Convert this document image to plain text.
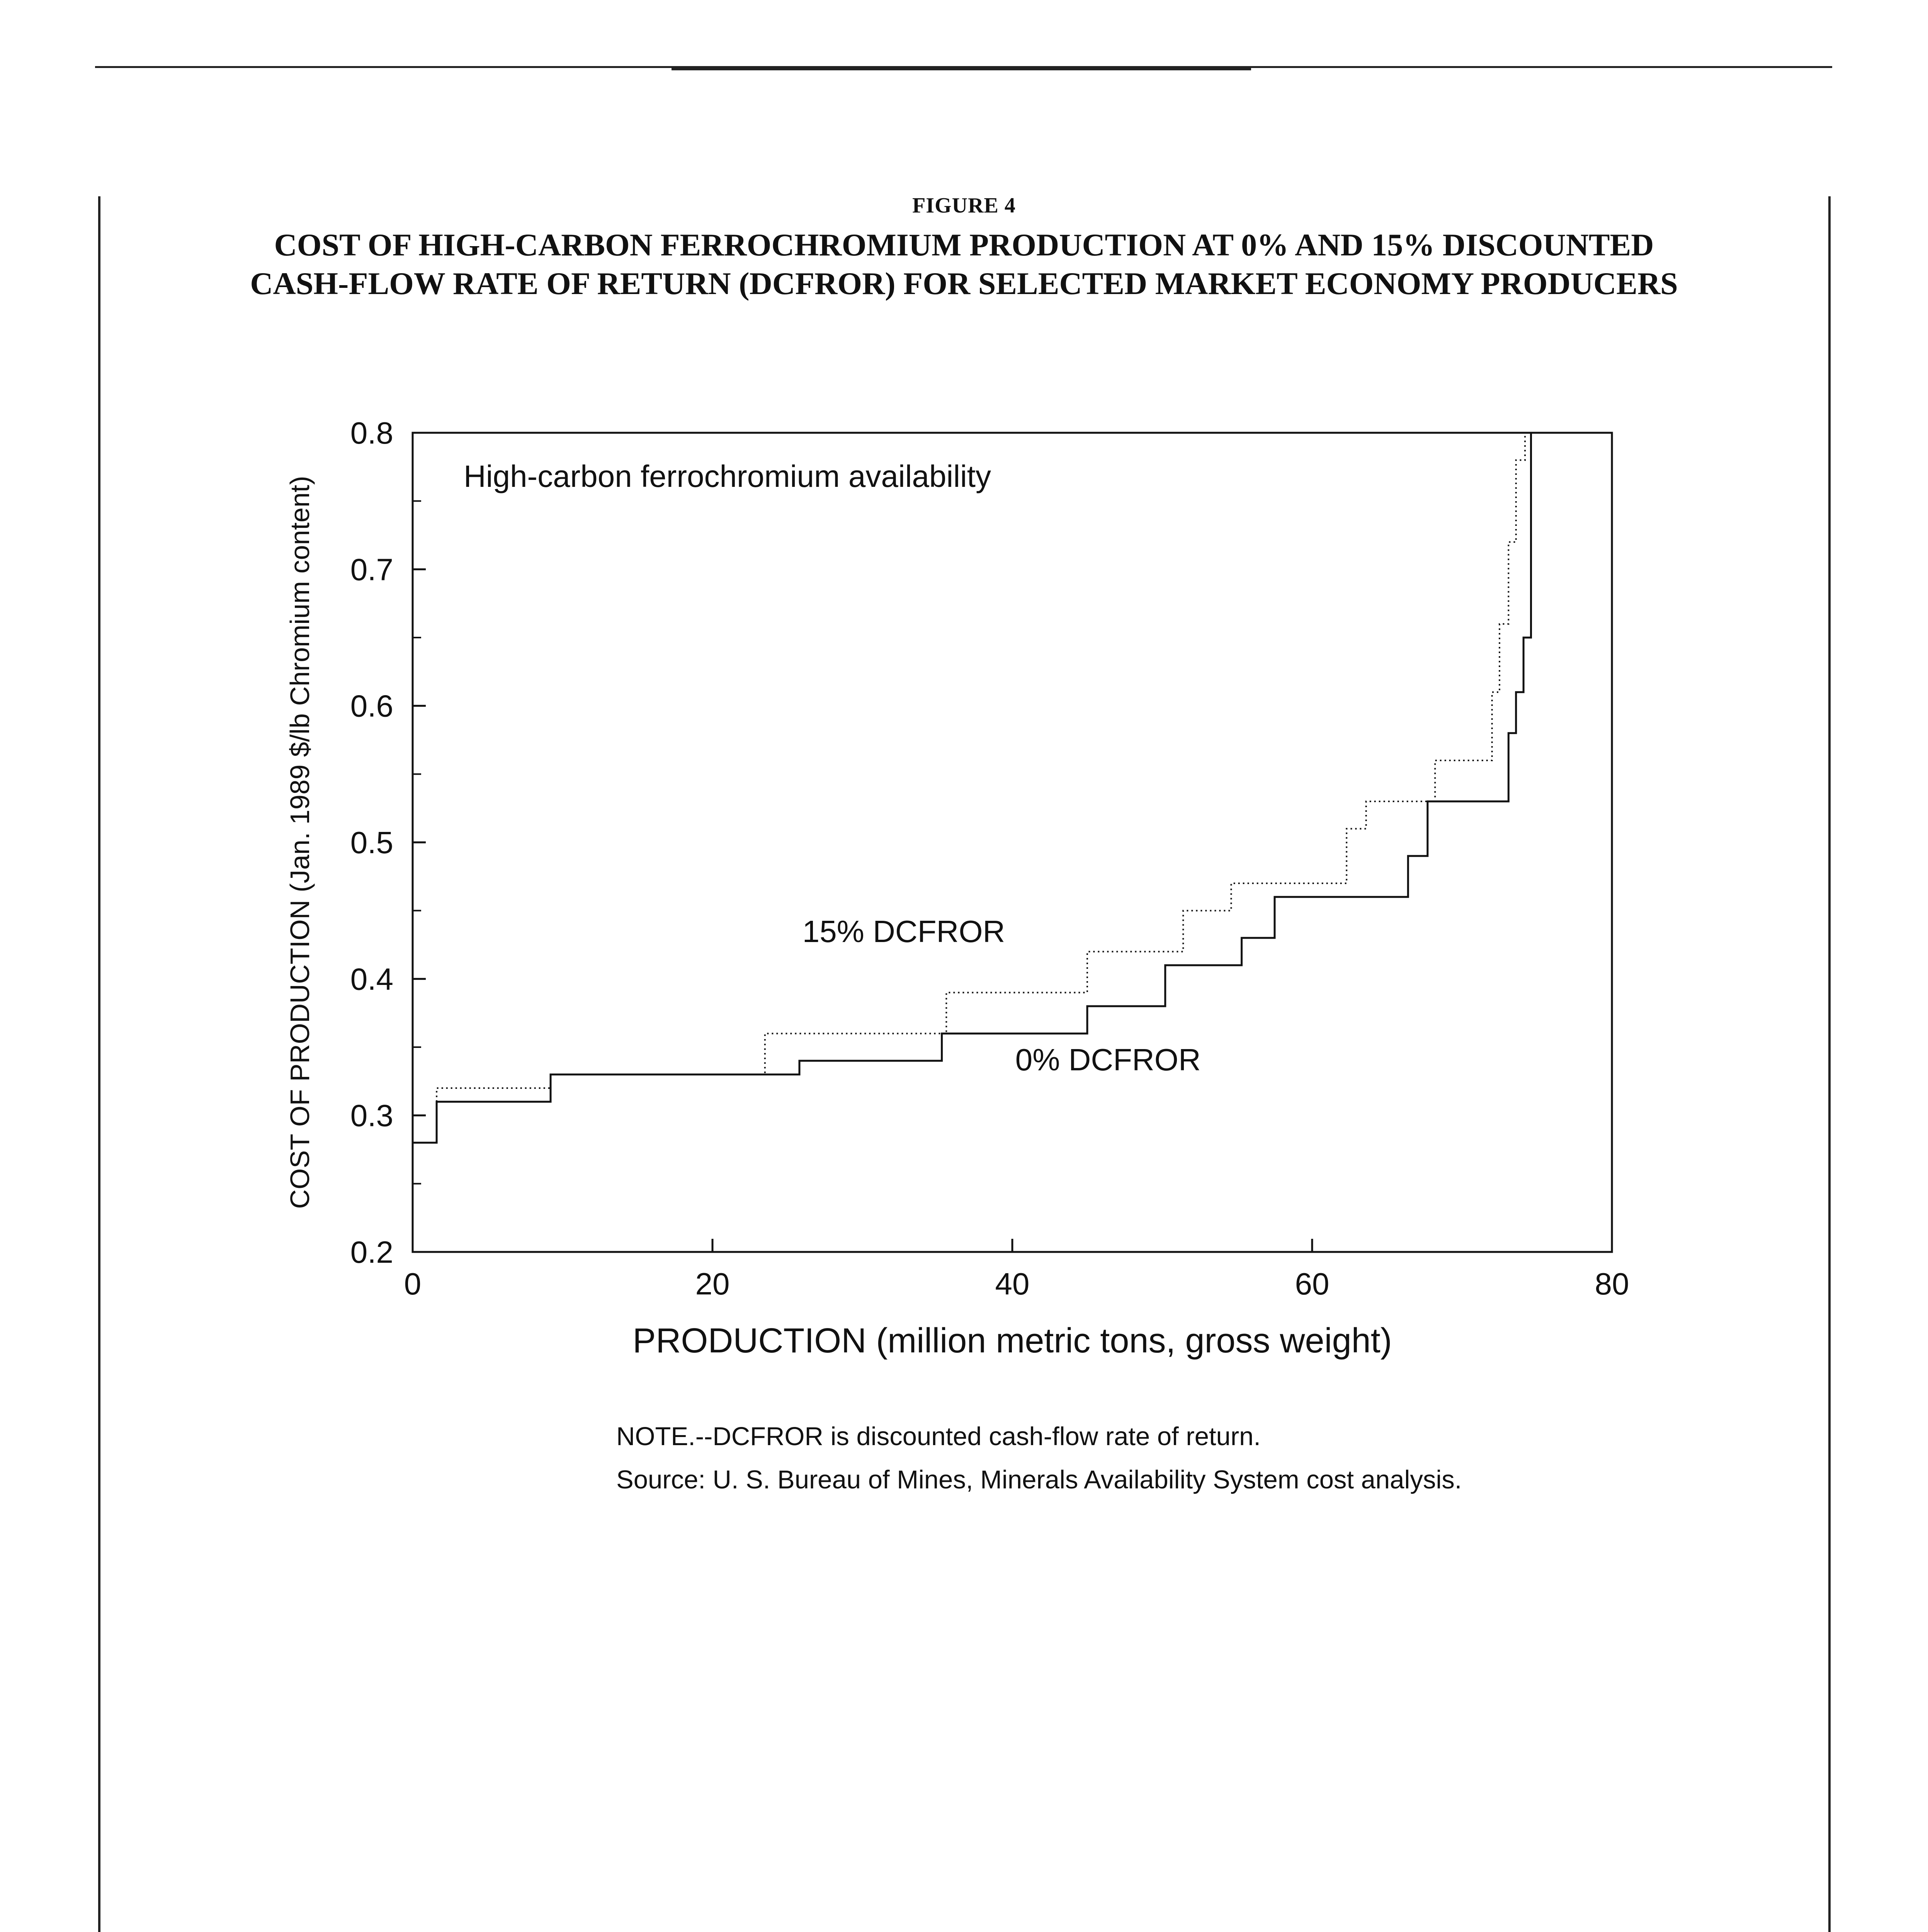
FIGURE 4
COST OF HIGH-CARBON FERROCHROMIUM PRODUCTION AT 0% AND 15% DISCOUNTED
CASH-FLOW RATE OF RETURN (DCFROR) FOR SELECTED MARKET ECONOMY PRODUCERS
High-carbon ferrochromium availability
PRODUCTION (million metric tons, gross weight)
COST OF PRODUCTION (Jan. 1989 $/lb Chromium content)
0.2
0.3
0.4
0.5
0.6
0.7
0.8
0	20	40	60	80
15% DCFROR
0% DCFROR
NOTE.--DCFROR is discounted cash-flow rate of return.
Source: U. S. Bureau of Mines, Minerals Availability System cost analysis.
